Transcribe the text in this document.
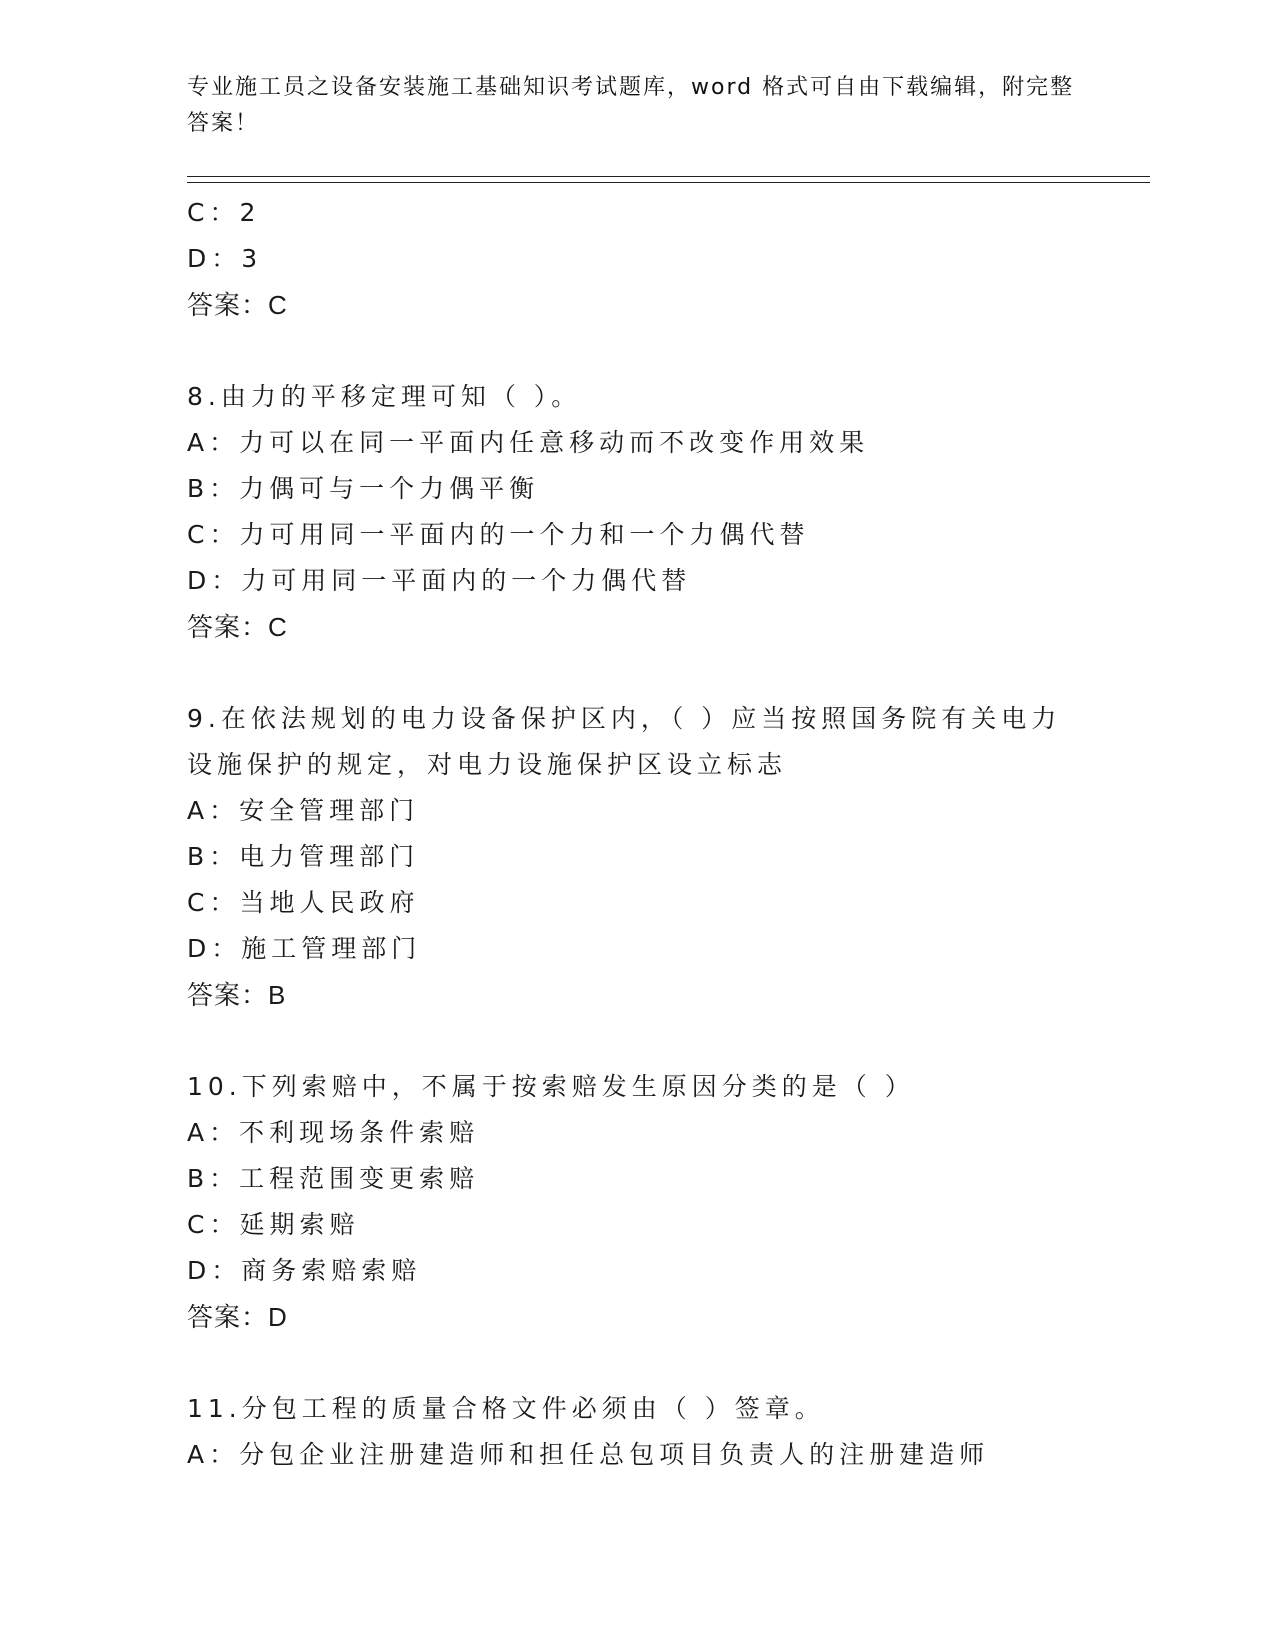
专业施工员之设备安装施工基础知识考试题库，word 格式可自由下载编辑，附完整答案！
C：2
D：3
答案：C
8.由力的平移定理可知（ ）。
A：力可以在同一平面内任意移动而不改变作用效果
B：力偶可与一个力偶平衡
C：力可用同一平面内的一个力和一个力偶代替
D：力可用同一平面内的一个力偶代替
答案：C
9.在依法规划的电力设备保护区内，（ ）应当按照国务院有关电力设施保护的规定，对电力设施保护区设立标志
A：安全管理部门
B：电力管理部门
C：当地人民政府
D：施工管理部门
答案：B
10.下列索赔中，不属于按索赔发生原因分类的是（ ）
A：不利现场条件索赔
B：工程范围变更索赔
C：延期索赔
D：商务索赔索赔
答案：D
11.分包工程的质量合格文件必须由（ ）签章。
A：分包企业注册建造师和担任总包项目负责人的注册建造师
